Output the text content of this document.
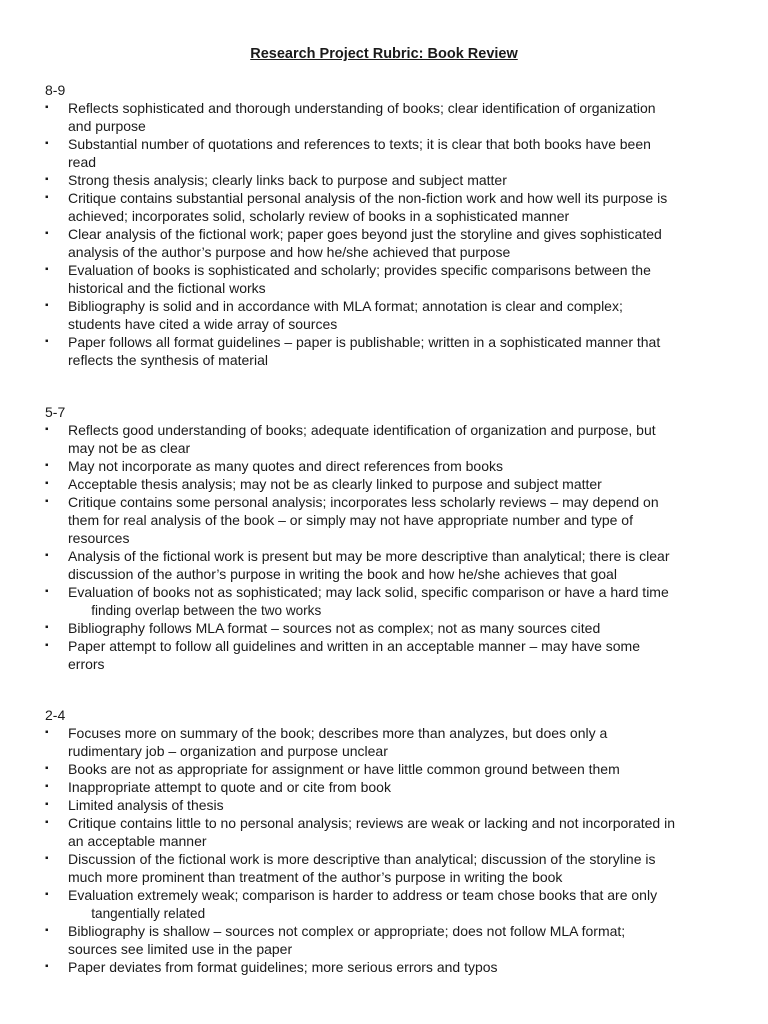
Research Project Rubric: Book Review
8-9
▪ Reflects sophisticated and thorough understanding of books; clear identification of organization
and purpose
▪ Substantial number of quotations and references to texts; it is clear that both books have been
read
▪ Strong thesis analysis; clearly links back to purpose and subject matter
▪ Critique contains substantial personal analysis of the non-fiction work and how well its purpose is
achieved; incorporates solid, scholarly review of books in a sophisticated manner
▪ Clear analysis of the fictional work; paper goes beyond just the storyline and gives sophisticated
analysis of the author’s purpose and how he/she achieved that purpose
▪ Evaluation of books is sophisticated and scholarly; provides specific comparisons between the
historical and the fictional works
▪ Bibliography is solid and in accordance with MLA format; annotation is clear and complex;
students have cited a wide array of sources
▪ Paper follows all format guidelines – paper is publishable; written in a sophisticated manner that
reflects the synthesis of material
5-7
▪ Reflects good understanding of books; adequate identification of organization and purpose, but
may not be as clear
▪ May not incorporate as many quotes and direct references from books
▪ Acceptable thesis analysis; may not be as clearly linked to purpose and subject matter
▪ Critique contains some personal analysis; incorporates less scholarly reviews – may depend on
them for real analysis of the book – or simply may not have appropriate number and type of
resources
▪ Analysis of the fictional work is present but may be more descriptive than analytical; there is clear
discussion of the author’s purpose in writing the book and how he/she achieves that goal
▪ Evaluation of books not as sophisticated; may lack solid, specific comparison or have a hard time
finding overlap between the two works
▪ Bibliography follows MLA format – sources not as complex; not as many sources cited
▪ Paper attempt to follow all guidelines and written in an acceptable manner – may have some
errors
2-4
▪ Focuses more on summary of the book; describes more than analyzes, but does only a
rudimentary job – organization and purpose unclear
▪ Books are not as appropriate for assignment or have little common ground between them
▪ Inappropriate attempt to quote and or cite from book
▪ Limited analysis of thesis
▪ Critique contains little to no personal analysis; reviews are weak or lacking and not incorporated in
an acceptable manner
▪ Discussion of the fictional work is more descriptive than analytical; discussion of the storyline is
much more prominent than treatment of the author’s purpose in writing the book
▪ Evaluation extremely weak; comparison is harder to address or team chose books that are only
tangentially related
▪ Bibliography is shallow – sources not complex or appropriate; does not follow MLA format;
sources see limited use in the paper
▪ Paper deviates from format guidelines; more serious errors and typos
